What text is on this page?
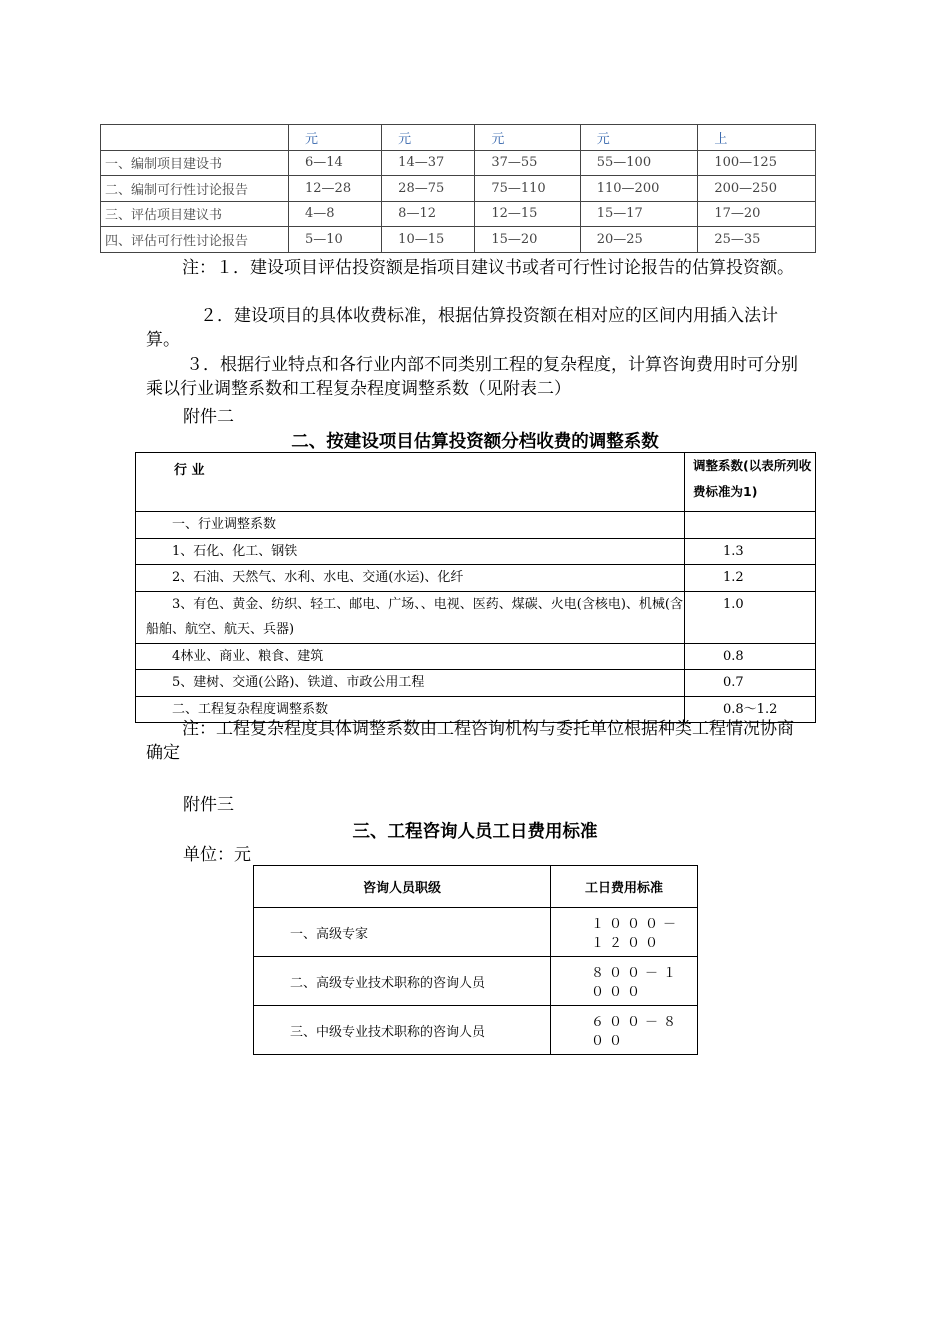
	元	元	元	元	上
一、编制项目建设书	6—14	14—37	37—55	55—100	100—125
二、编制可行性讨论报告	12—28	28—75	75—110	110—200	200—250
三、评估项目建议书	4—8	8—12	12—15	15—17	17—20
四、评估可行性讨论报告	5—10	10—15	15—20	20—25	25—35

注：１．建设项目评估投资额是指项目建议书或者可行性讨论报告的估算投资额。

２．建设项目的具体收费标准，根据估算投资额在相对应的区间内用插入法计算。

３．根据行业特点和各行业内部不同类别工程的复杂程度，计算咨询费用时可分别乘以行业调整系数和工程复杂程度调整系数（见附表二）

附件二

二、按建设项目估算投资额分档收费的调整系数

行 业	调整系数(以表所列收费标准为1)
一、行业调整系数	
1、石化、化工、钢铁	1.3
2、石油、天然气、水利、水电、交通(水运)、化纤	1.2
3、有色、黄金、纺织、轻工、邮电、广场、、电视、医药、煤碳、火电(含核电)、机械(含船舶、航空、航天、兵器)	1.0
4林业、商业、粮食、建筑	0.8
5、建树、交通(公路)、铁道、市政公用工程	0.7
二、工程复杂程度调整系数	0.8～1.2

注：工程复杂程度具体调整系数由工程咨询机构与委托单位根据种类工程情况协商确定

附件三

三、工程咨询人员工日费用标准

单位：元

咨询人员职级	工日费用标准
一、高级专家	１０００－１２００
二、高级专业技术职称的咨询人员	８００－１０００
三、中级专业技术职称的咨询人员	６００－８００
